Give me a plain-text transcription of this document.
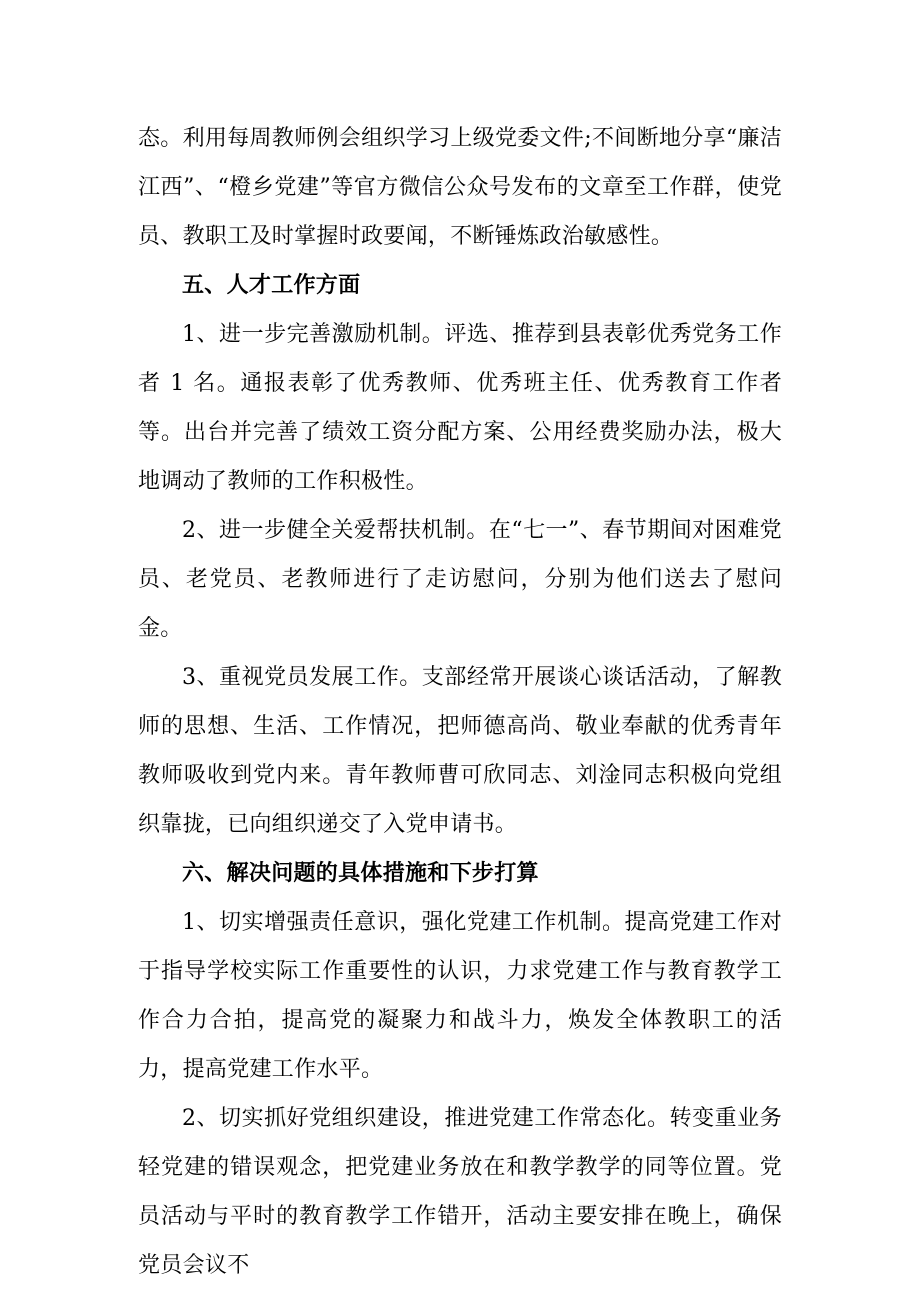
态。利用每周教师例会组织学习上级党委文件;不间断地分享“廉洁江西”、“橙乡党建”等官方微信公众号发布的文章至工作群，使党员、教职工及时掌握时政要闻，不断锤炼政治敏感性。

五、人才工作方面

1、进一步完善激励机制。评选、推荐到县表彰优秀党务工作者 1 名。通报表彰了优秀教师、优秀班主任、优秀教育工作者等。出台并完善了绩效工资分配方案、公用经费奖励办法，极大地调动了教师的工作积极性。

2、进一步健全关爱帮扶机制。在“七一”、春节期间对困难党员、老党员、老教师进行了走访慰问，分别为他们送去了慰问金。

3、重视党员发展工作。支部经常开展谈心谈话活动，了解教师的思想、生活、工作情况，把师德高尚、敬业奉献的优秀青年教师吸收到党内来。青年教师曹可欣同志、刘淦同志积极向党组织靠拢，已向组织递交了入党申请书。

六、解决问题的具体措施和下步打算

1、切实增强责任意识，强化党建工作机制。提高党建工作对于指导学校实际工作重要性的认识，力求党建工作与教育教学工作合力合拍，提高党的凝聚力和战斗力，焕发全体教职工的活力，提高党建工作水平。

2、切实抓好党组织建设，推进党建工作常态化。转变重业务轻党建的错误观念，把党建业务放在和教学教学的同等位置。党员活动与平时的教育教学工作错开，活动主要安排在晚上，确保党员会议不
